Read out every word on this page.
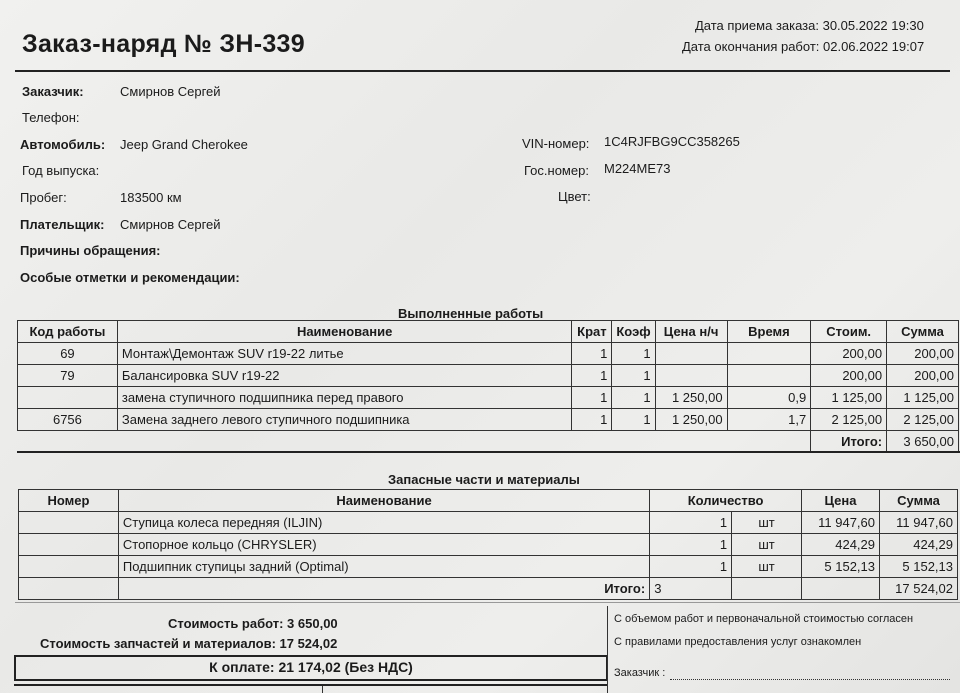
Заказ-наряд № ЗН-339
Дата приема заказа: 30.05.2022 19:30
Дата окончания работ: 02.06.2022 19:07
Заказчик:	Смирнов Сергей
Телефон:
Автомобиль: Jeep Grand Cherokee	VIN-номер: 1C4RJFBG9CC358265
Год выпуска:	Гос.номер: М224МЕ73
Пробег:	183500 км	Цвет:
Плательщик: Смирнов Сергей
Причины обращения:
Особые отметки и рекомендации:
Выполненные работы
Код работы	Наименование	Крат	Коэф	Цена н/ч	Время	Стоим.	Сумма
69	Монтаж\Демонтаж SUV r19-22 литье	1	1			200,00	200,00
79	Балансировка SUV r19-22	1	1			200,00	200,00
	замена ступичного подшипника перед правого	1	1	1 250,00	0,9	1 125,00	1 125,00
6756	Замена заднего левого ступичного подшипника	1	1	1 250,00	1,7	2 125,00	2 125,00
						Итого:	3 650,00
Запасные части и материалы
Номер	Наименование	Количество		Цена	Сумма
	Ступица колеса передняя (ILJIN)	1	шт	11 947,60	11 947,60
	Стопорное кольцо (CHRYSLER)	1	шт	424,29	424,29
	Подшипник ступицы задний (Optimal)	1	шт	5 152,13	5 152,13
	Итого:	3			17 524,02
Стоимость работ: 3 650,00
Стоимость запчастей и материалов: 17 524,02
К оплате: 21 174,02 (Без НДС)
С объемом работ и первоначальной стоимостью согласен
С правилами предоставления услуг ознакомлен
Заказчик :
